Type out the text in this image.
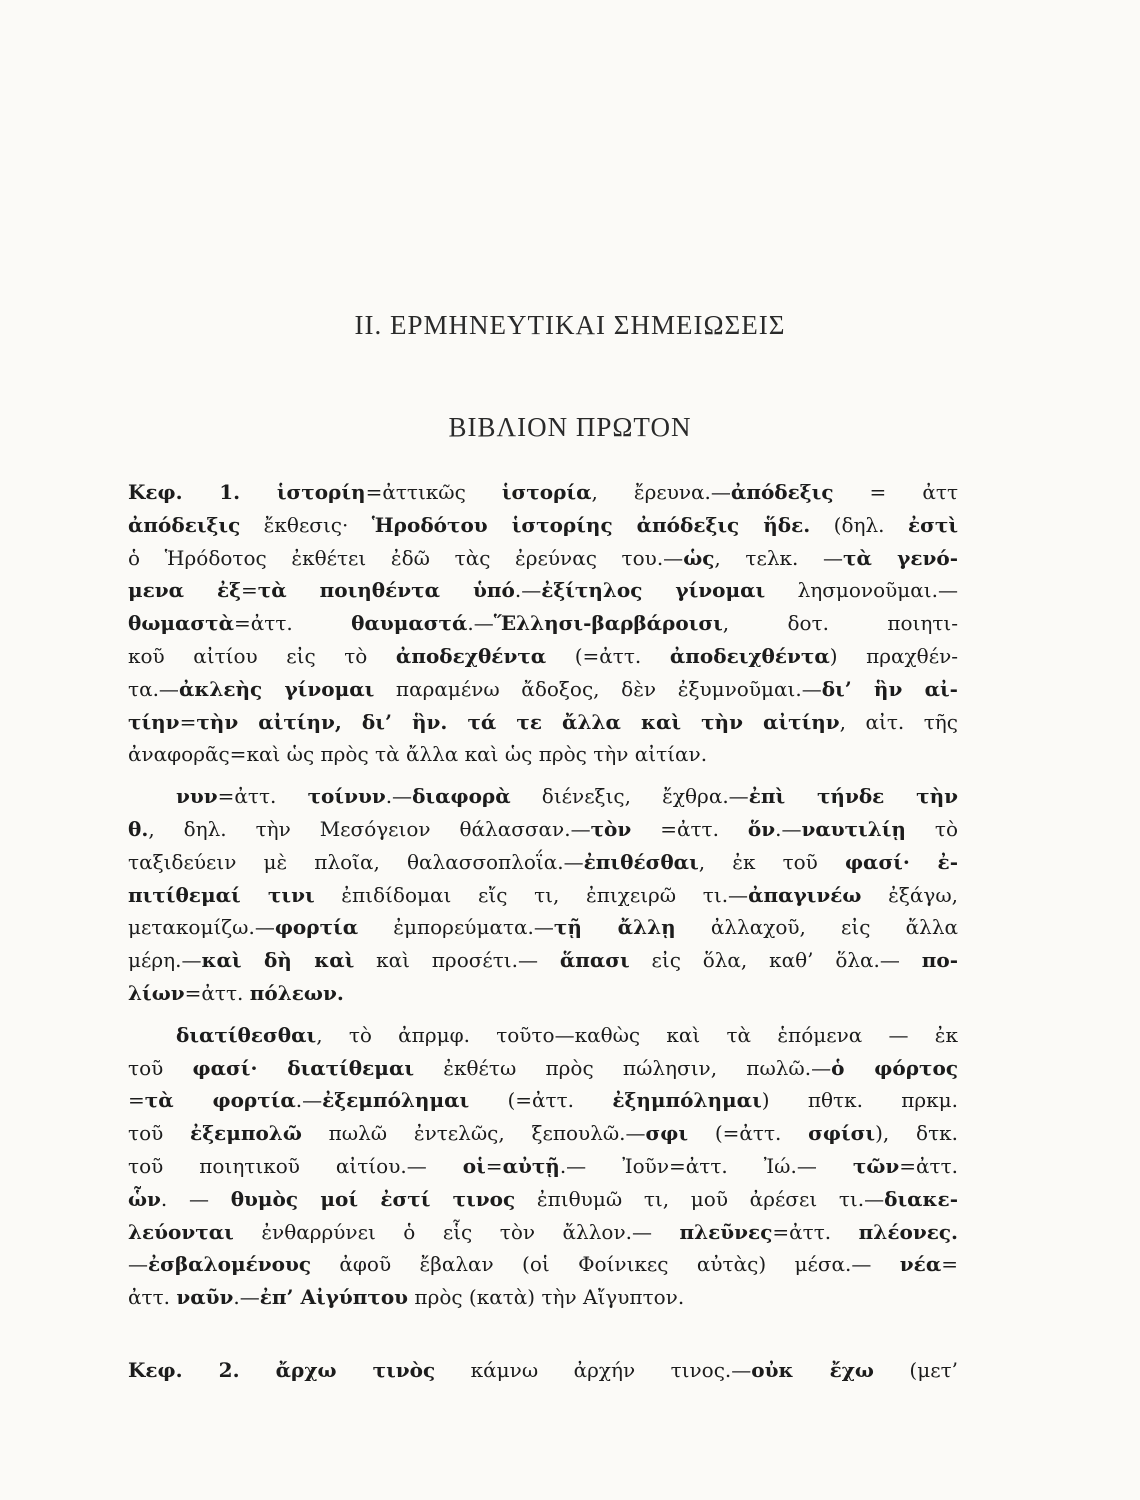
ΙΙ. ΕΡΜΗΝΕΥΤΙΚΑΙ ΣΗΜΕΙΩΣΕΙΣ
ΒΙΒΛΙΟΝ ΠΡΩΤΟΝ
Κεφ. 1. ἱστορίη=ἀττικῶς ἱστορία, ἔρευνα.—ἀπόδεξις = ἀττ
ἀπόδειξις ἔκθεσις· Ἡροδότου ἱστορίης ἀπόδεξις ἥδε. (δηλ. ἐστὶ
ὁ Ἡρόδοτος ἐκθέτει ἐδῶ τὰς ἐρεύνας του.—ὡς, τελκ. —τὰ γενό-
μενα ἐξ=τὰ ποιηθέντα ὑπό.—ἐξίτηλος γίνομαι λησμονοῦμαι.—
θωμαστὰ=ἀττ. θαυμαστά.—Ἕλλησι-βαρβάροισι, δοτ. ποιητι-
κοῦ αἰτίου εἰς τὸ ἀποδεχθέντα (=ἀττ. ἀποδειχθέντα) πραχθέν-
τα.—ἀκλεὴς γίνομαι παραμένω ἄδοξος, δὲν ἐξυμνοῦμαι.—δι’ ἣν αἰ-
τίην=τὴν αἰτίην, δι’ ἣν. τά τε ἄλλα καὶ τὴν αἰτίην, αἰτ. τῆς
ἀναφορᾶς=καὶ ὡς πρὸς τὰ ἄλλα καὶ ὡς πρὸς τὴν αἰτίαν.
νυν=ἀττ. τοίνυν.—διαφορὰ διένεξις, ἔχθρα.—ἐπὶ τήνδε τὴν
θ., δηλ. τὴν Μεσόγειον θάλασσαν.—τὸν =ἀττ. ὅν.—ναυτιλίῃ τὸ
ταξιδεύειν μὲ πλοῖα, θαλασσοπλοΐα.—ἐπιθέσθαι, ἐκ τοῦ φασί· ἐ-
πιτίθεμαί τινι ἐπιδίδομαι εἴς τι, ἐπιχειρῶ τι.—ἀπαγινέω ἐξάγω,
μετακομίζω.—φορτία ἐμπορεύματα.—τῇ ἄλλῃ ἀλλαχοῦ, εἰς ἄλλα
μέρη.—καὶ δὴ καὶ καὶ προσέτι.— ἅπασι εἰς ὅλα, καθ’ ὅλα.— πο-
λίων=ἀττ. πόλεων.
διατίθεσθαι, τὸ ἀπρμφ. τοῦτο—καθὼς καὶ τὰ ἑπόμενα — ἐκ
τοῦ φασί· διατίθεμαι ἐκθέτω πρὸς πώλησιν, πωλῶ.—ὁ φόρτος
=τὰ φορτία.—ἐξεμπόλημαι (=ἀττ. ἐξημπόλημαι) πθτκ. πρκμ.
τοῦ ἐξεμπολῶ πωλῶ ἐντελῶς, ξεπουλῶ.—σφι (=ἀττ. σφίσι), δτκ.
τοῦ ποιητικοῦ αἰτίου.— οἱ=αὐτῇ.— Ἰοῦν=ἀττ. Ἰώ.— τῶν=ἀττ.
ὧν. — θυμὸς μοί ἐστί τινος ἐπιθυμῶ τι, μοῦ ἀρέσει τι.—διακε-
λεύονται ἐνθαρρύνει ὁ εἷς τὸν ἄλλον.— πλεῦνες=ἀττ. πλέονες.
—ἐσβαλομένους ἀφοῦ ἔβαλαν (οἱ Φοίνικες αὐτὰς) μέσα.— νέα=
ἀττ. ναῦν.—ἐπ’ Αἰγύπτου πρὸς (κατὰ) τὴν Αἴγυπτον.
Κεφ. 2. ἄρχω τινὸς κάμνω ἀρχήν τινος.—οὐκ ἔχω (μετ’
